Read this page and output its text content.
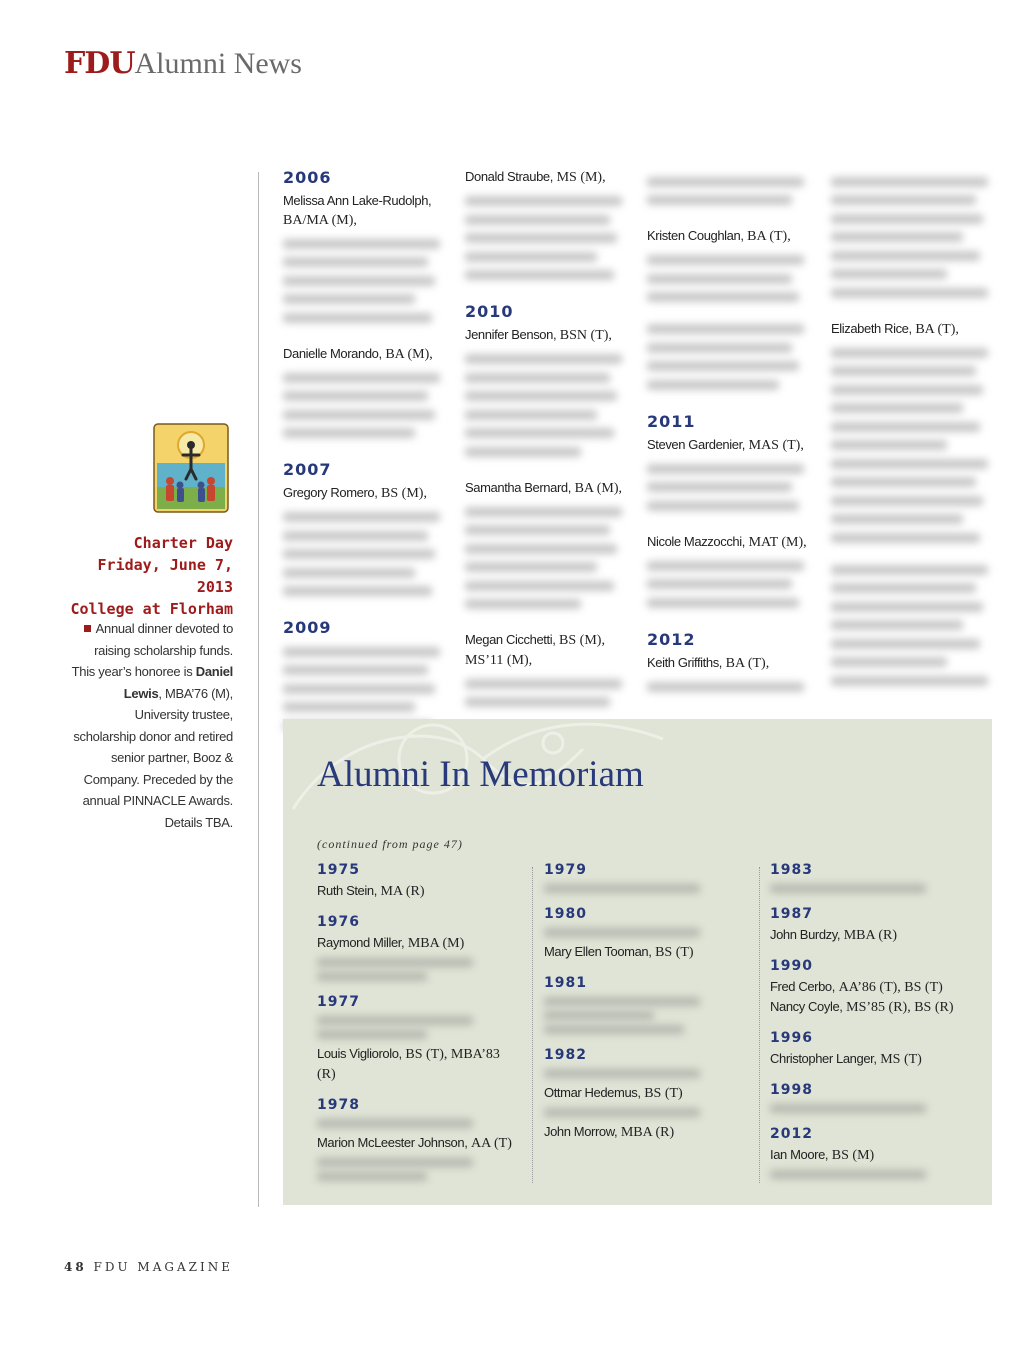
FDUAlumni News
2006
Melissa Ann Lake-Rudolph, BA/MA (M),
Danielle Morando, BA (M),
2007
Gregory Romero, BS (M),
2009
Donald Straube, MS (M),
2010
Jennifer Benson, BSN (T),
Samantha Bernard, BA (M),
Megan Cicchetti, BS (M), MS’11 (M),
Kristen Coughlan, BA (T),
2011
Steven Gardenier, MAS (T),
Nicole Mazzocchi, MAT (M),
2012
Keith Griffiths, BA (T),
Elizabeth Rice, BA (T),
Charter Day
Friday, June 7, 2013
College at Florham
Annual dinner devoted to raising scholarship funds. This year’s honoree is Daniel Lewis, MBA’76 (M), University trustee, scholarship donor and retired senior partner, Booz & Company. Preceded by the annual PINNACLE Awards. Details TBA.
Alumni In Memoriam
(continued from page 47)
1975
Ruth Stein, MA (R)
1976
Raymond Miller, MBA (M)
1977
Louis Vigliorolo, BS (T), MBA’83 (R)
1978
Marion McLeester Johnson, AA (T)
1979
1980
Mary Ellen Tooman, BS (T)
1981
1982
Ottmar Hedemus, BS (T)
John Morrow, MBA (R)
1983
1987
John Burdzy, MBA (R)
1990
Fred Cerbo, AA’86 (T), BS (T)
Nancy Coyle, MS’85 (R), BS (R)
1996
Christopher Langer, MS (T)
1998
2012
Ian Moore, BS (M)
48 FDU MAGAZINE
